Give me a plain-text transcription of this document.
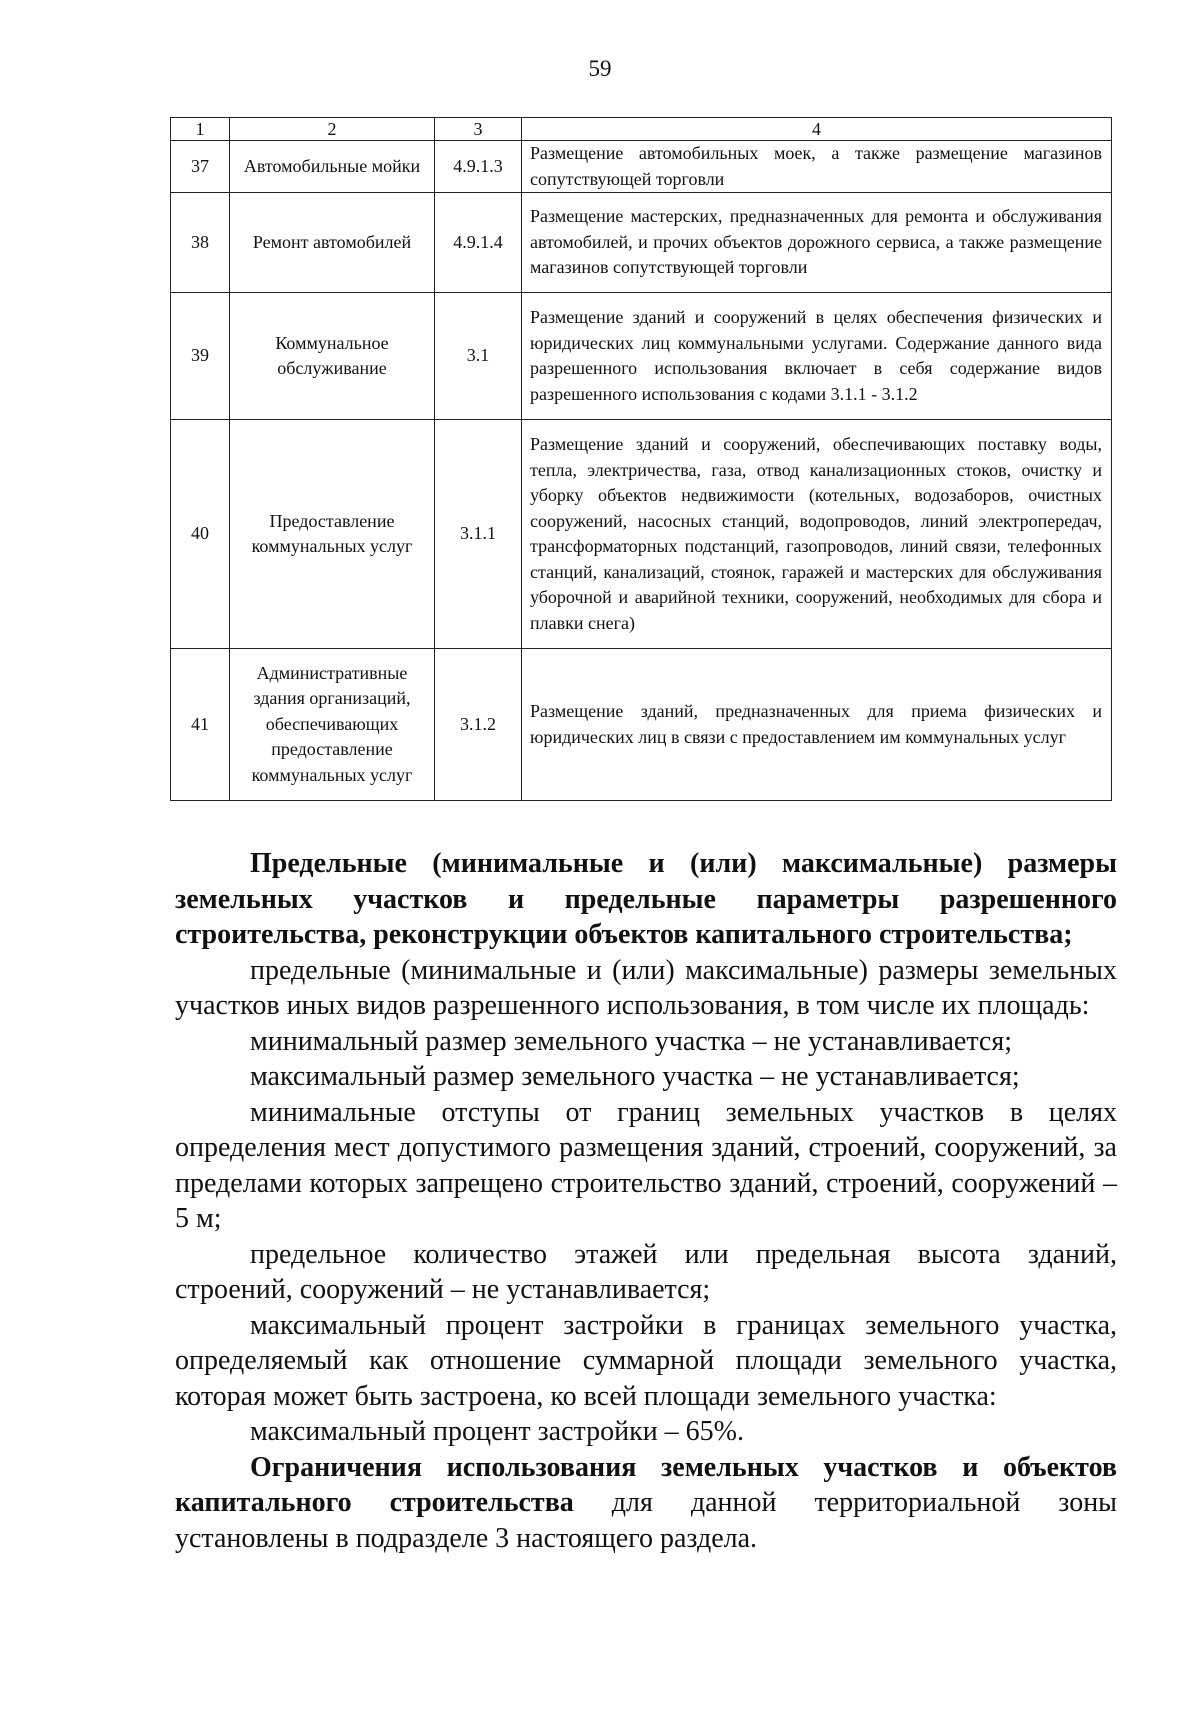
59
1	2	3	4
37	Автомобильные мойки	4.9.1.3	Размещение автомобильных моек, а также размещение магазинов сопутствующей торговли
38	Ремонт автомобилей	4.9.1.4	Размещение мастерских, предназначенных для ремонта и обслуживания автомобилей, и прочих объектов дорожного сервиса, а также размещение магазинов сопутствующей торговли
39	Коммунальное обслуживание	3.1	Размещение зданий и сооружений в целях обеспечения физических и юридических лиц коммунальными услугами. Содержание данного вида разрешенного использования включает в себя содержание видов разрешенного использования с кодами 3.1.1 - 3.1.2
40	Предоставление коммунальных услуг	3.1.1	Размещение зданий и сооружений, обеспечивающих поставку воды, тепла, электричества, газа, отвод канализационных стоков, очистку и уборку объектов недвижимости (котельных, водозаборов, очистных сооружений, насосных станций, водопроводов, линий электропередач, трансформаторных подстанций, газопроводов, линий связи, телефонных станций, канализаций, стоянок, гаражей и мастерских для обслуживания уборочной и аварийной техники, сооружений, необходимых для сбора и плавки снега)
41	Административные здания организаций, обеспечивающих предоставление коммунальных услуг	3.1.2	Размещение зданий, предназначенных для приема физических и юридических лиц в связи с предоставлением им коммунальных услуг

Предельные (минимальные и (или) максимальные) размеры земельных участков и предельные параметры разрешенного строительства, реконструкции объектов капитального строительства;

предельные (минимальные и (или) максимальные) размеры земельных участков иных видов разрешенного использования, в том числе их площадь:

минимальный размер земельного участка – не устанавливается;

максимальный размер земельного участка – не устанавливается;

минимальные отступы от границ земельных участков в целях определения мест допустимого размещения зданий, строений, сооружений, за пределами которых запрещено строительство зданий, строений, сооружений – 5 м;

предельное количество этажей или предельная высота зданий, строений, сооружений – не устанавливается;

максимальный процент застройки в границах земельного участка, определяемый как отношение суммарной площади земельного участка, которая может быть застроена, ко всей площади земельного участка:

максимальный процент застройки – 65%.

Ограничения использования земельных участков и объектов капитального строительства для данной территориальной зоны установлены в подразделе 3 настоящего раздела.
